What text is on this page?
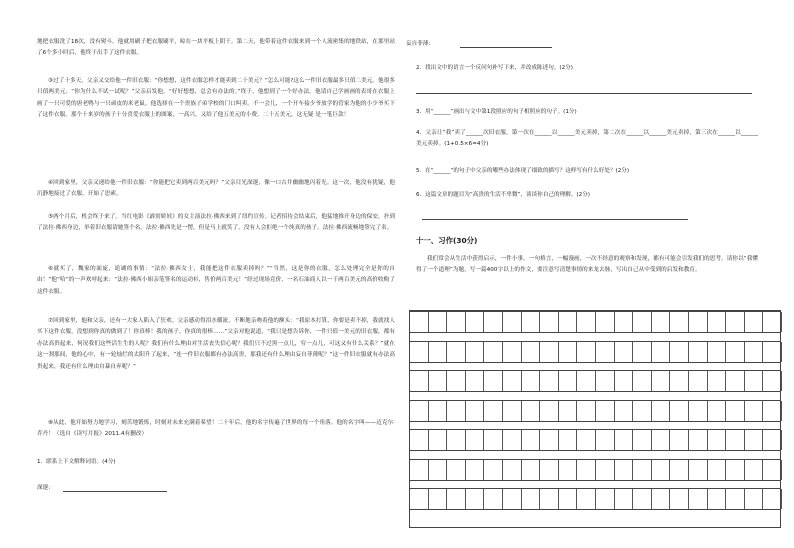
地把衣服洗了18次，没有熨斗，他就用刷子把衣服刷平，晾在一块平板上阴干。第二天，他带着这件衣服来到一个人流密集的地铁站，在那里站了6个多小时后，他终于出手了这件衣服。

③过了十多天，父亲又交给他一件旧衣服：“你想想，这件衣服怎样才能卖到二十美元？”怎么可能?这么一件旧衣服最多只值二美元。他很多只值两美元。“你为什么不试一试呢？”父亲启发他。“好好想想，总会有办法的。”终于，他想到了一个好办法。他请自己学画画的表哥在衣服上画了一只可爱的唐老鸭与一只顽皮的米老鼠。他选择在一个贵族子弟学校的门口叫卖。不一会儿，一个开车接少爷放学的管家为他的小少爷买下了这件衣服。那个十来岁的孩子十分喜爱衣服上的图案，一高兴，又给了他五美元的小费。二十五美元，这无疑 是一笔巨款！

④回到家里，父亲又递给他一件旧衣服：“你能把它卖到两百美元吗？”父亲目光深邃，像一口古井幽幽地闪着光。这一次，他没有犹疑，他沉静地接过了衣服，开始了思索。

⑤两个月后，机会终于来了。当红电影《霹雳娇娃》的女主演法拉·佛西来到了纽约宣传。记者招待会结束后，他猛地推开身边的保安，扑到了法拉·佛西身边，举着旧衣服请她签个名。法拉·佛西先是一愣，但是马上就笑了。没有人会拒绝一个纯真的孩子。法拉·佛西流畅地签完了名。

⑥就买了，魏家的面庞，诡谲的事情：“法拉·佛西女士，我能把这件衣服卖掉吗？”“当然，这是你的衣服，怎么处理完全是你的自由！”他“哈”的一声欢呼起来：“法拉·佛西小姐亲笔签名的运动衫，售价两百美元！”经过现场竞价，一名石油商人以一千两百美元的高价收购了这件衣服。

⑦回到家里，他和父亲，还有一大家人陷入了狂欢。父亲感动得泪水横流，不断地亲吻着他的额头：“我原本打算，你要是卖不掉，我就找人买下这件衣服，没想到你真的做到了！你真棒！我的孩子，你真的很棒……”父亲对他说道，“我只是想告诉你，一件只值一美元的旧衣服，都有办法高贵起来，何况我们这些活生生的人呢？我们有什么理由对生活丧失信心呢？我们只不过黑一点儿，穷一点儿，可这又有什么关系？”就在这一刹那间，他的心中，有一轮灿烂的太阳升了起来，“连一件旧衣服都有办法高贵，那我还有什么理由妄自菲薄呢？”这一件旧衣服就有办法高贵起来，我还有什么理由自暴自弃呢？”

⑧从此，他开始努力地学习，刻苦地锻炼，时刻对未来充满着希望！二十年后，他的名字传遍了世界的每一个角落。他的名字叫——迈克尔·乔丹！（选自《读写月报》2011.4有删改）

1．联系上下文解释词语。(4分)
深邃：
妄自菲薄：
2．找出文中的语言一个反问句补写下来，并改成陈述句。(2分)
3．用“______”画出与文中第1段照应的句子相照应的句子。(1分)

4．父亲让“我”卖了______次旧衣服，第一次在______以______美元卖掉，第二次在______以______美元卖掉，第三次在______以______美元卖掉。(1+0.5×6=4分)

5．在“______”的句子中父亲的哪些办法体现了细致的描写？这样写有什么好处？(2分)
6．这篇文章的题目为“高贵的生活不卑微”，谈谈你自己的理解。(2分)
十一、习作(30分)

我们常会从生活中获得启示，一件小事，一句格言，一幅漫画，一次不经意的观察和发现，都有可能会引发我们的思考。请你以“我懂得了一个道理”为题，写一篇400字以上的作文，要注意写清楚事情的来龙去脉，写出自己从中受到的启发和教育。
